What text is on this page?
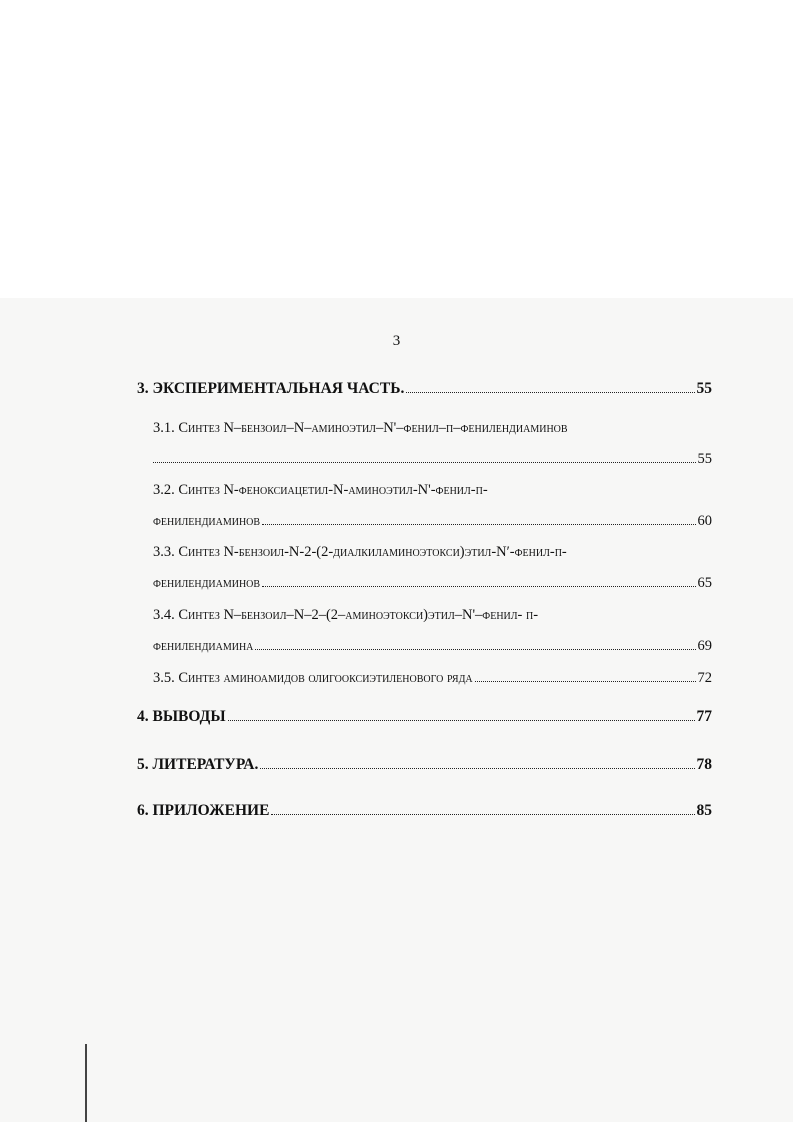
3
3. ЭКСПЕРИМЕНТАЛЬНАЯ ЧАСТЬ.	55
3.1. Синтез N–бензоил–N–аминоэтил–N'–фенил–п–фенилендиаминов
55
3.2. Синтез N-феноксиацетил-N-аминоэтил-N'-фенил-п-
фенилендиаминов	60
3.3. Синтез N-бензоил-N-2-(2-диалкиламиноэтокси)этил-N′-фенил-п-
фенилендиаминов	65
3.4. Синтез N–бензоил–N–2–(2–аминоэтокси)этил–N'–фенил- п-
фенилендиамина	69
3.5. Синтез аминоамидов олигооксиэтиленового ряда	72
4. ВЫВОДЫ	77
5. ЛИТЕРАТУРА.	78
6. ПРИЛОЖЕНИЕ	85
